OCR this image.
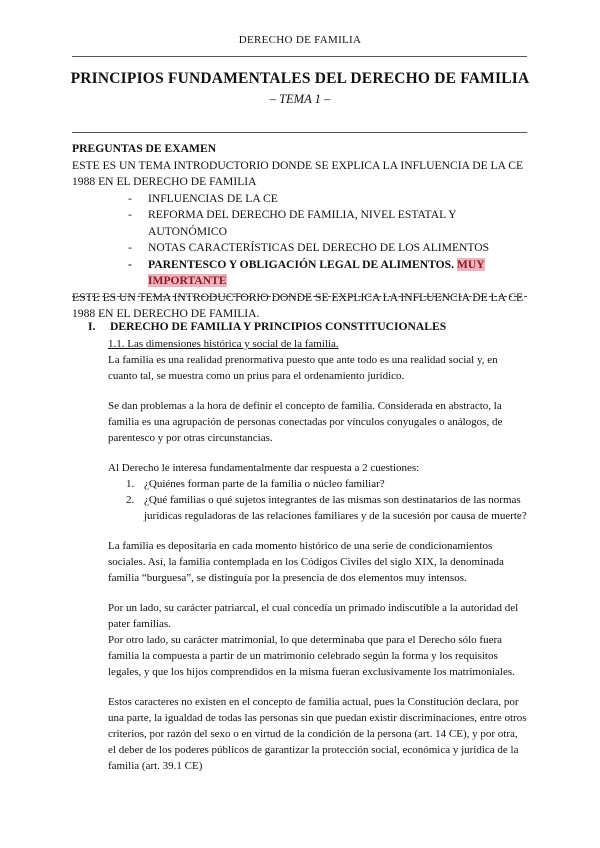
DERECHO DE FAMILIA
PRINCIPIOS FUNDAMENTALES DEL DERECHO DE FAMILIA
– TEMA 1 –
PREGUNTAS DE EXAMEN
ESTE ES UN TEMA INTRODUCTORIO DONDE SE EXPLICA LA INFLUENCIA DE LA CE 1988 EN EL DERECHO DE FAMILIA
- INFLUENCIAS DE LA CE
- REFORMA DEL DERECHO DE FAMILIA, NIVEL ESTATAL Y AUTONÓMICO
- NOTAS CARACTERÍSTICAS DEL DERECHO DE LOS ALIMENTOS
- PARENTESCO Y OBLIGACIÓN LEGAL DE ALIMENTOS. MUY IMPORTANTE
ESTE ES UN TEMA INTRODUCTORIO DONDE SE EXPLICA LA INFLUENCIA DE LA CE 1988 EN EL DERECHO DE FAMILIA.
I. DERECHO DE FAMILIA Y PRINCIPIOS CONSTITUCIONALES

1.1. Las dimensiones histórica y social de la familia.

La familia es una realidad prenormativa puesto que ante todo es una realidad social y, en cuanto tal, se muestra como un prius para el ordenamiento jurídico.

Se dan problemas a la hora de definir el concepto de familia. Considerada en abstracto, la familia es una agrupación de personas conectadas por vínculos conyugales o análogos, de parentesco y por otras circunstancias.

Al Derecho le interesa fundamentalmente dar respuesta a 2 cuestiones:

1. ¿Quiénes forman parte de la familia o núcleo familiar?
2. ¿Qué familias o qué sujetos integrantes de las mismas son destinatarios de las normas jurídicas reguladoras de las relaciones familiares y de la sucesión por causa de muerte?

La familia es depositaria en cada momento histórico de una serie de condicionamientos sociales. Así, la familia contemplada en los Códigos Civiles del siglo XIX, la denominada familia “burguesa”, se distinguía por la presencia de dos elementos muy intensos.

Por un lado, su carácter patriarcal, el cual concedía un primado indiscutible a la autoridad del pater familias.

Por otro lado, su carácter matrimonial, lo que determinaba que para el Derecho sólo fuera familia la compuesta a partir de un matrimonio celebrado según la forma y los requisitos legales, y que los hijos comprendidos en la misma fueran exclusivamente los matrimoniales.

Estos caracteres no existen en el concepto de familia actual, pues la Constitución declara, por una parte, la igualdad de todas las personas sin que puedan existir discriminaciones, entre otros criterios, por razón del sexo o en virtud de la condición de la persona (art. 14 CE), y por otra, el deber de los poderes públicos de garantizar la protección social, económica y jurídica de la familia (art. 39.1 CE)
